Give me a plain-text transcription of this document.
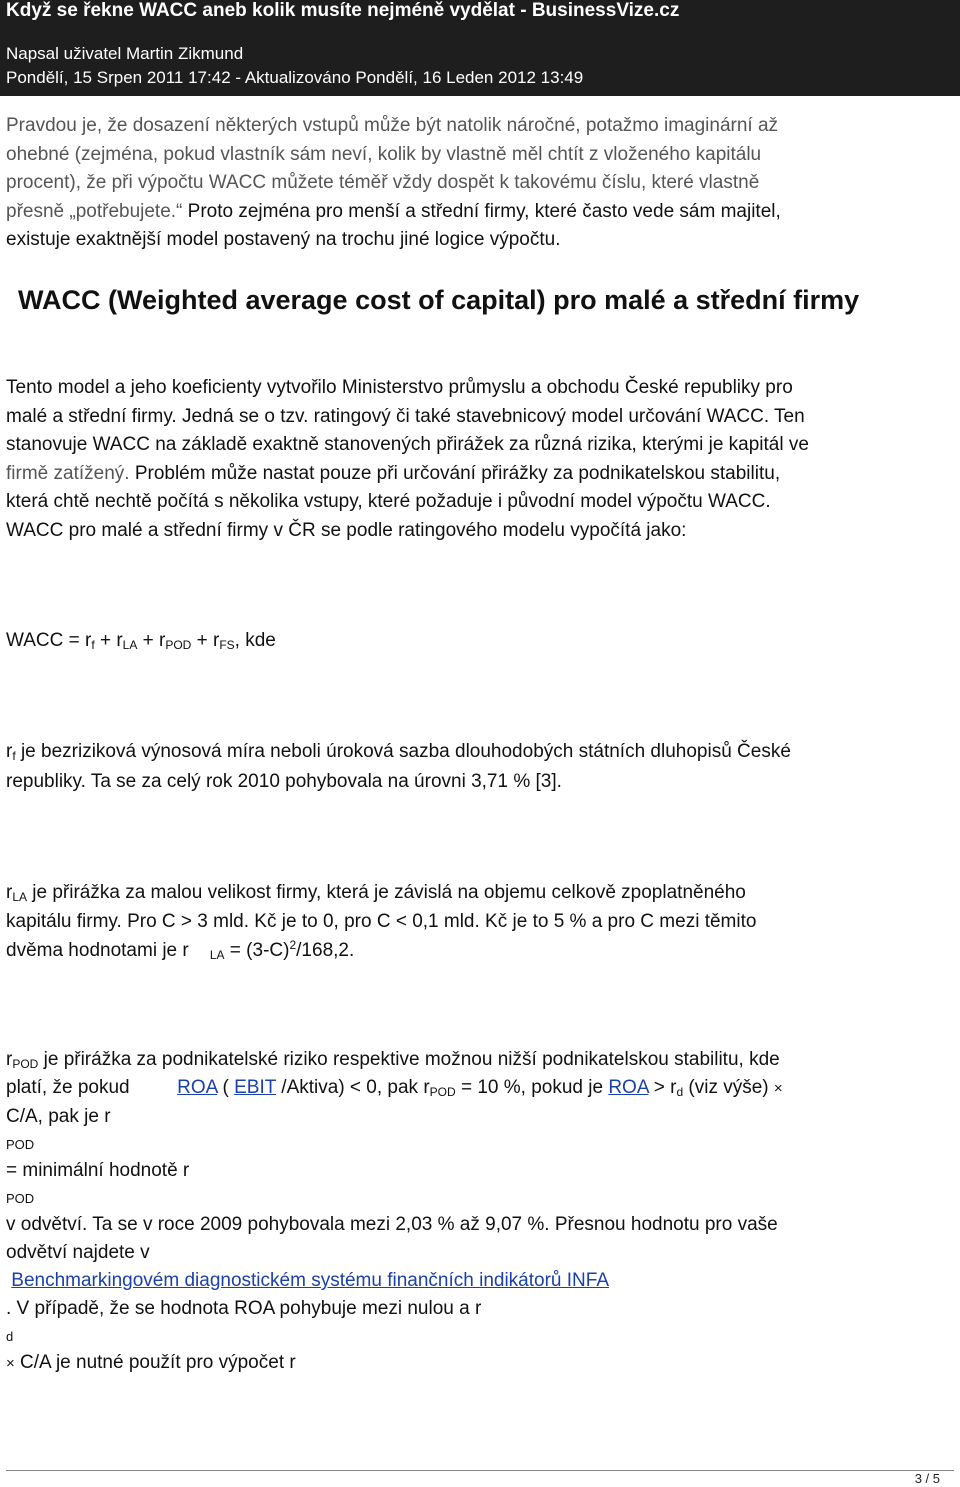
Když se řekne WACC aneb kolik musíte nejméně vydělat - BusinessVize.cz
Napsal uživatel Martin Zikmund
Pondělí, 15 Srpen 2011 17:42 - Aktualizováno Pondělí, 16 Leden 2012 13:49

Pravdou je, že dosazení některých vstupů může být natolik náročné, potažmo imaginární až
ohebné (zejména, pokud vlastník sám neví, kolik by vlastně měl chtít z vloženého kapitálu
procent), že při výpočtu WACC můžete téměř vždy dospět k takovému číslu, které vlastně
přesně „potřebujete.“ Proto zejména pro menší a střední firmy, které často vede sám majitel,
existuje exaktnější model postavený na trochu jiné logice výpočtu.

WACC (Weighted average cost of capital) pro malé a střední firmy

Tento model a jeho koeficienty vytvořilo Ministerstvo průmyslu a obchodu České republiky pro
malé a střední firmy. Jedná se o tzv. ratingový či také stavebnicový model určování WACC. Ten
stanovuje WACC na základě exaktně stanovených přirážek za různá rizika, kterými je kapitál ve
firmě zatížený. Problém může nastat pouze při určování přirážky za podnikatelskou stabilitu,
která chtě nechtě počítá s několika vstupy, které požaduje i původní model výpočtu WACC.
WACC pro malé a střední firmy v ČR se podle ratingového modelu vypočítá jako:

WACC = $r_f + r_{LA} + r_{POD} + r_{FS}$, kde

$r_f$ je bezriziková výnosová míra neboli úroková sazba dlouhodobých státních dluhopisů České
republiky. Ta se za celý rok 2010 pohybovala na úrovni 3,71 % [3].

$r_{LA}$ je přirážka za malou velikost firmy, která je závislá na objemu celkově zpoplatněného
kapitálu firmy. Pro C > 3 mld. Kč je to 0, pro C < 0,1 mld. Kč je to 5 % a pro C mezi těmito
dvěma hodnotami je r $_{LA} = (3-C)^2/168,2$.

$r_{POD}$ je přirážka za podnikatelské riziko respektive možnou nižší podnikatelskou stabilitu, kde
platí, že pokud	ROA ( EBIT /Aktiva) < 0, pak $r_{POD} = 10$ %, pokud je ROA > $r_d$ (viz výše) ×
C/A, pak je r
POD
= minimální hodnotě r
POD
v odvětví. Ta se v roce 2009 pohybovala mezi 2,03 % až 9,07 %. Přesnou hodnotu pro vaše
odvětví najdete v
Benchmarkingovém diagnostickém systému finančních indikátorů INFA
. V případě, že se hodnota ROA pohybuje mezi nulou a r
d
× C/A je nutné použít pro výpočet r

3 / 5
